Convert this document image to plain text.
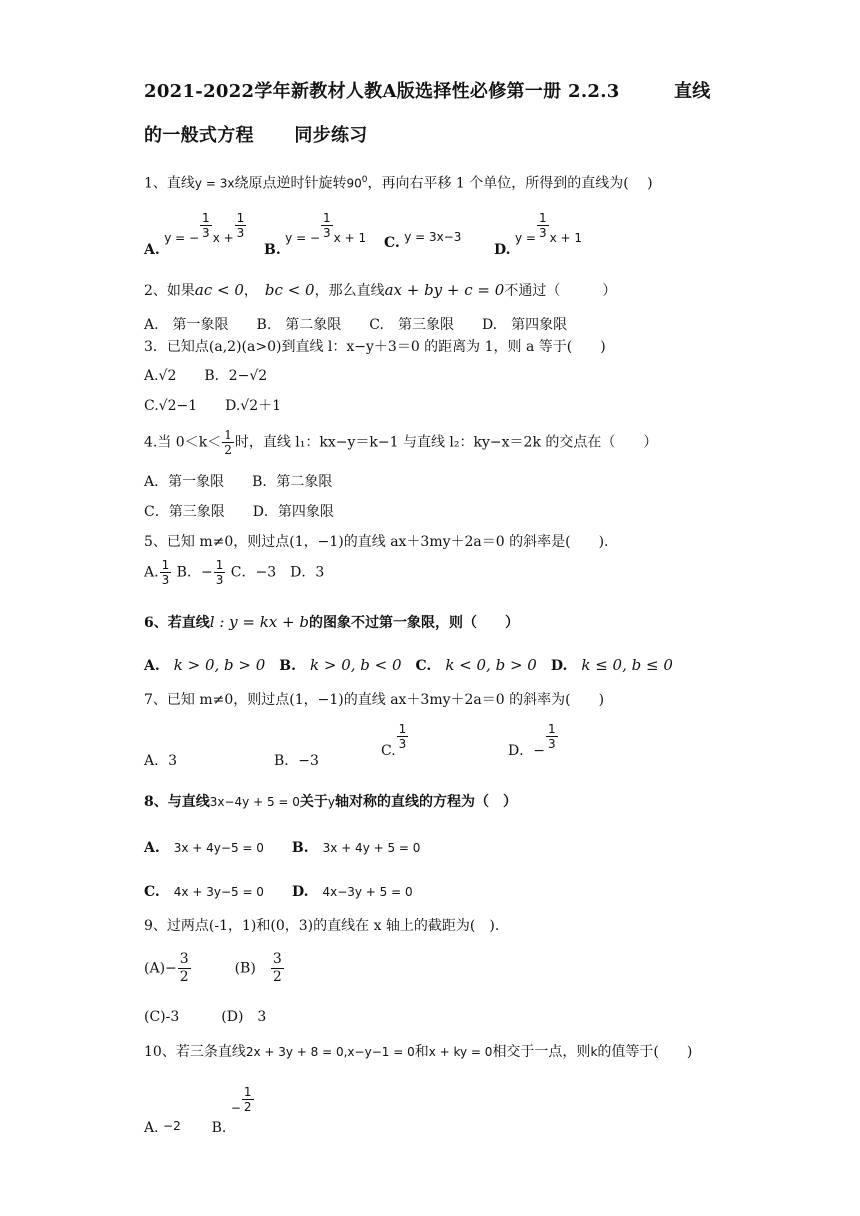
2021-2022学年新教材人教A版选择性必修第一册 2.2.3	直线
的一般式方程 同步练习
1、直线y = 3x绕原点逆时针旋转$90^0$，再向右平移 1 个单位，所得到的直线为(　 )
A. y = − $\frac{1}{3}$ $x + \frac{1}{3}$
B. y = − $\frac{1}{3}$ x + 1 C. y = 3x−3
D. $y = \frac{1}{3}$ x + 1
2、如果ac < 0，　 bc < 0，那么直线ax + by + c = 0不通过（　　　）
A.　第一象限　　B.　第二象限　　C.　第三象限　　D.　第四象限
3．已知点(a,2)(a>0)到直线 l：x−y＋3＝0 的距离为 1，则 a 等于(　　)
A.√2　　B．2−√2
C.√2−1　　D.√2＋1
4.当 $0<k< \frac{1}{2}$ 时，直线 l₁：kx−y＝k−1 与直线 l₂：ky−x＝2k 的交点在（　　）
A．第一象限　　B．第二象限
C．第三象限　　D．第四象限
5、已知 m≠0，则过点(1，−1)的直线 ax＋3my＋2a＝0 的斜率是(　　).
A. $\frac{1}{3}$ B．− $\frac{1}{3}$ C．−3　D．3
6、若直线l : y = kx + b的图象不过第一象限，则（　　）
A.　 k > 0, b > 0　 B.　 k > 0, b < 0　 C.　 k < 0, b > 0　 D.　 k ≤ 0, b ≤ 0
7、已知 m≠0，则过点(1，−1)的直线 ax＋3my＋2a＝0 的斜率为(　　)
A．3	B．−3
C. $\frac{1}{3}$	D．− $\frac{1}{3}$
8、与直线3x−4y + 5 = 0关于y轴对称的直线的方程为（　）
A.　 3x + 4y−5 = 0　　 B.　 3x + 4y + 5 = 0
C.　 4x + 3y−5 = 0　　 D.　 4x−3y + 5 = 0
9、过两点(-1，1)和(0，3)的直线在 x 轴上的截距为(　).
$(A)- \frac{3}{2}$	(B)　 $\frac{3}{2}$
(C)-3　　　(D)　3
10、若三条直线2x + 3y + 8 = 0,x−y−1 = 0和x + ky = 0相交于一点，则k的值等于(　　)
A. −2 B. − $\frac{1}{2}$
